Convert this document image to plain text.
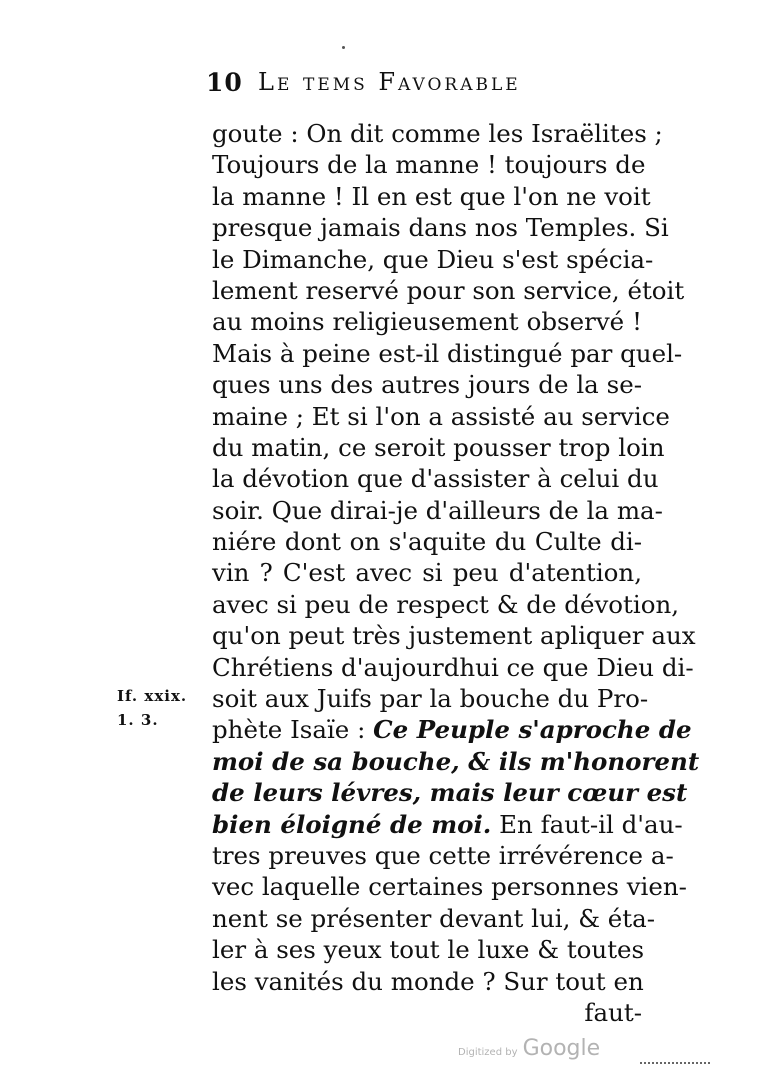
10 Le tems Favorable
If. xxix.
1. 3.
goute : On dit comme les Israëlites ;
Toujours de la manne ! toujours de
la manne ! Il en est que l'on ne voit
presque jamais dans nos Temples. Si
le Dimanche, que Dieu s'est spécia-
lement reservé pour son service, étoit
au moins religieusement observé !
Mais à peine est-il distingué par quel-
ques uns des autres jours de la se-
maine ; Et si l'on a assisté au service
du matin, ce seroit pousser trop loin
la dévotion que d'assister à celui du
soir. Que dirai-je d'ailleurs de la ma-
niére dont on s'aquite du Culte di-
vin ? C'est avec si peu d'atention,
avec si peu de respect & de dévotion,
qu'on peut très justement apliquer aux
Chrétiens d'aujourdhui ce que Dieu di-
soit aux Juifs par la bouche du Pro-
phète Isaïe : Ce Peuple s'aproche de
moi de sa bouche, & ils m'honorent
de leurs lévres, mais leur cœur est
bien éloigné de moi. En faut-il d'au-
tres preuves que cette irrévérence a-
vec laquelle certaines personnes vien-
nent se présenter devant lui, & éta-
ler à ses yeux tout le luxe & toutes
les vanités du monde ? Sur tout en
faut-
Digitized by Google
